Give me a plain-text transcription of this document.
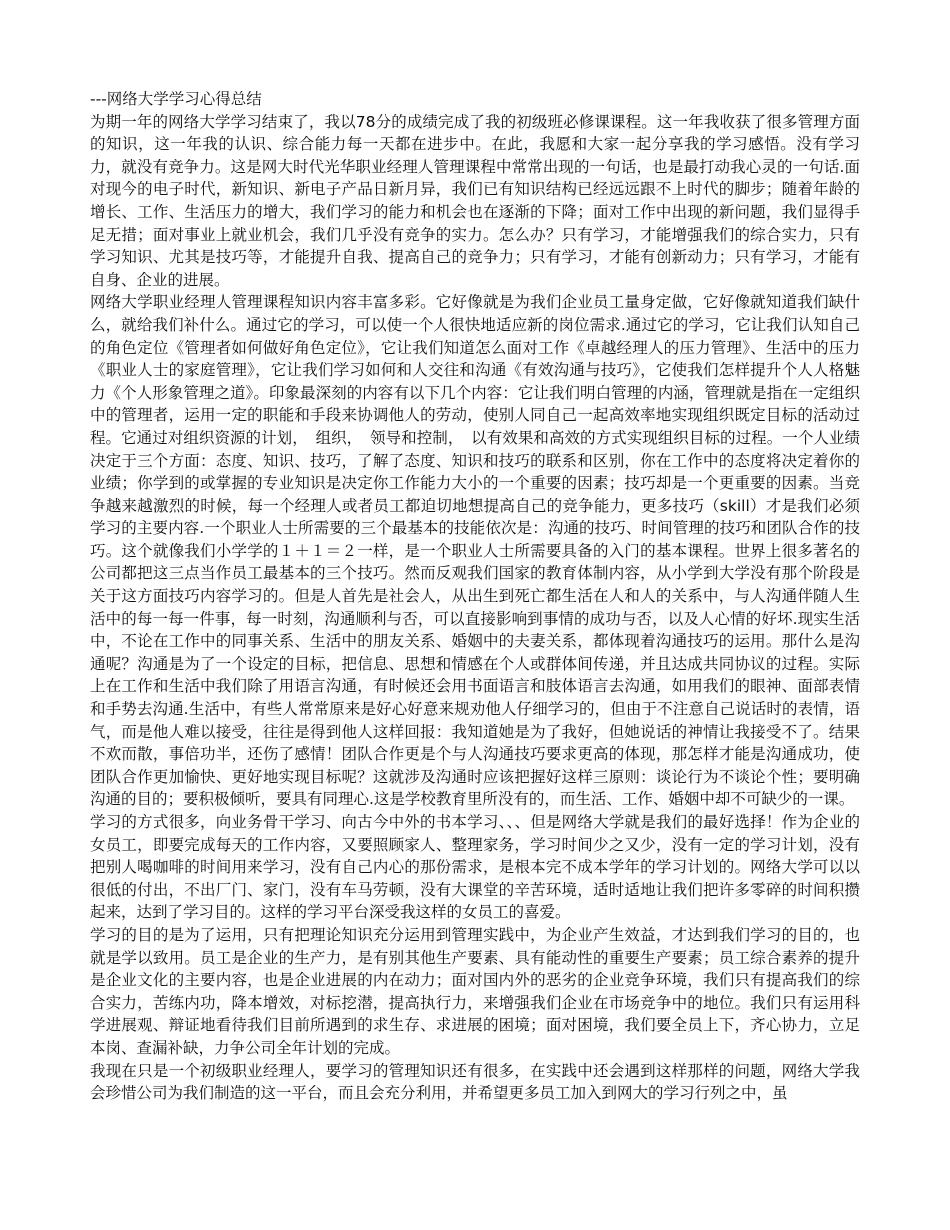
---网络大学学习心得总结

为期一年的网络大学学习结束了，我以78分的成绩完成了我的初级班必修课课程。这一年我收获了很多管理方面的知识，这一年我的认识、综合能力每一天都在进步中。在此，我愿和大家一起分享我的学习感悟。没有学习力，就没有竞争力。这是网大时代光华职业经理人管理课程中常常出现的一句话，也是最打动我心灵的一句话.面对现今的电子时代，新知识、新电子产品日新月异，我们已有知识结构已经远远跟不上时代的脚步；随着年龄的增长、工作、生活压力的增大，我们学习的能力和机会也在逐渐的下降；面对工作中出现的新问题，我们显得手足无措；面对事业上就业机会，我们几乎没有竞争的实力。怎么办？只有学习，才能增强我们的综合实力，只有学习知识、尤其是技巧等，才能提升自我、提高自己的竞争力；只有学习，才能有创新动力；只有学习，才能有自身、企业的进展。

网络大学职业经理人管理课程知识内容丰富多彩。它好像就是为我们企业员工量身定做，它好像就知道我们缺什么，就给我们补什么。通过它的学习，可以使一个人很快地适应新的岗位需求.通过它的学习，它让我们认知自己的角色定位《管理者如何做好角色定位》，它让我们知道怎么面对工作《卓越经理人的压力管理》、生活中的压力《职业人士的家庭管理》，它让我们学习如何和人交往和沟通《有效沟通与技巧》，它使我们怎样提升个人人格魅力《个人形象管理之道》。印象最深刻的内容有以下几个内容：它让我们明白管理的内涵，管理就是指在一定组织中的管理者，运用一定的职能和手段来协调他人的劳动，使别人同自己一起高效率地实现组织既定目标的活动过程。它通过对组织资源的计划，　组织，　领导和控制，　以有效果和高效的方式实现组织目标的过程。一个人业绩决定于三个方面：态度、知识、技巧，了解了态度、知识和技巧的联系和区别，你在工作中的态度将决定着你的业绩；你学到的或掌握的专业知识是决定你工作能力大小的一个重要的因素；技巧却是一个更重要的因素。当竞争越来越激烈的时候，每一个经理人或者员工都迫切地想提高自己的竞争能力，更多技巧（skill）才是我们必须学习的主要内容.一个职业人士所需要的三个最基本的技能依次是：沟通的技巧、时间管理的技巧和团队合作的技巧。这个就像我们小学学的１＋１＝２一样，是一个职业人士所需要具备的入门的基本课程。世界上很多著名的公司都把这三点当作员工最基本的三个技巧。然而反观我们国家的教育体制内容，从小学到大学没有那个阶段是关于这方面技巧内容学习的。但是人首先是社会人，从出生到死亡都生活在人和人的关系中，与人沟通伴随人生活中的每一每一件事，每一时刻，沟通顺利与否，可以直接影响到事情的成功与否，以及人心情的好坏.现实生活中，不论在工作中的同事关系、生活中的朋友关系、婚姻中的夫妻关系，都体现着沟通技巧的运用。那什么是沟通呢？沟通是为了一个设定的目标，把信息、思想和情感在个人或群体间传递，并且达成共同协议的过程。实际上在工作和生活中我们除了用语言沟通，有时候还会用书面语言和肢体语言去沟通，如用我们的眼神、面部表情和手势去沟通.生活中，有些人常常原来是好心好意来规劝他人仔细学习的，但由于不注意自己说话时的表情，语气，而是他人难以接受，往往是得到他人这样回报：我知道她是为了我好，但她说话的神情让我接受不了。结果不欢而散，事倍功半，还伤了感情！团队合作更是个与人沟通技巧要求更高的体现，那怎样才能是沟通成功，使团队合作更加愉快、更好地实现目标呢？这就涉及沟通时应该把握好这样三原则：谈论行为不谈论个性；要明确沟通的目的；要积极倾听，要具有同理心.这是学校教育里所没有的，而生活、工作、婚姻中却不可缺少的一课。

学习的方式很多，向业务骨干学习、向古今中外的书本学习、、、但是网络大学就是我们的最好选择！作为企业的女员工，即要完成每天的工作内容，又要照顾家人、整理家务，学习时间少之又少，没有一定的学习计划，没有把别人喝咖啡的时间用来学习，没有自己内心的那份需求，是根本完不成本学年的学习计划的。网络大学可以以很低的付出，不出厂门、家门，没有车马劳顿，没有大课堂的辛苦环境，适时适地让我们把许多零碎的时间积攒起来，达到了学习目的。这样的学习平台深受我这样的女员工的喜爱。

学习的目的是为了运用，只有把理论知识充分运用到管理实践中，为企业产生效益，才达到我们学习的目的，也就是学以致用。员工是企业的生产力，是有别其他生产要素、具有能动性的重要生产要素；员工综合素养的提升是企业文化的主要内容，也是企业进展的内在动力；面对国内外的恶劣的企业竞争环境，我们只有提高我们的综合实力，苦练内功，降本增效，对标挖潜，提高执行力，来增强我们企业在市场竞争中的地位。我们只有运用科学进展观、辩证地看待我们目前所遇到的求生存、求进展的困境；面对困境，我们要全员上下，齐心协力，立足本岗、查漏补缺，力争公司全年计划的完成。

我现在只是一个初级职业经理人，要学习的管理知识还有很多，在实践中还会遇到这样那样的问题，网络大学我会珍惜公司为我们制造的这一平台，而且会充分利用，并希望更多员工加入到网大的学习行列之中，虽
